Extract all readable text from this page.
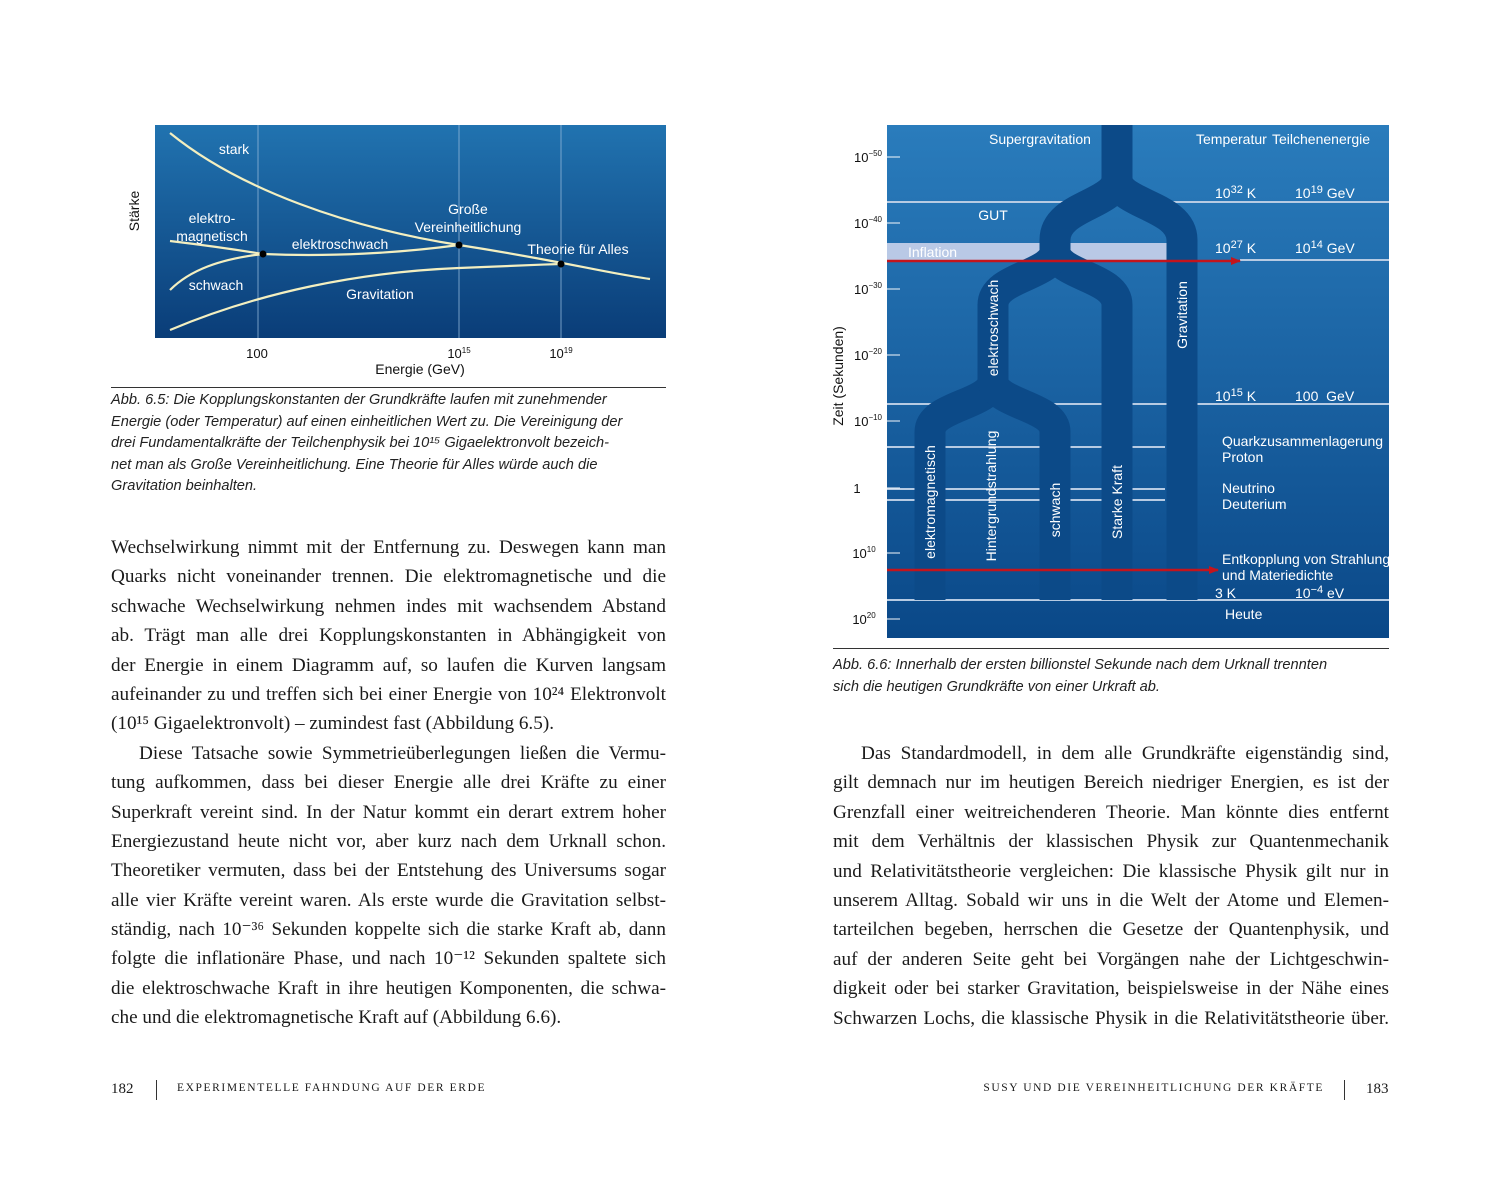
stark
elektro-
magnetisch	elektroschwach
Große
Vereinheitlichung
Theorie für Alles
schwach
Gravitation
100	$10^{15}$	$10^{19}$
Energie (GeV)
Stärke
Supergravitation	Temperatur Teilchenenergie
GUT
Inflation
$10^{32}$ K	$10^{19}$ GeV
$10^{27}$ K	$10^{14}$ GeV
$10^{15}$ K	100  GeV
3 K	$10^{-4}$ eV
Quarkzusammenlagerung
Proton
Neutrino
Deuterium
Entkopplung von Strahlungs-
und Materiedichte
Heute
elektromagnetisch	Hintergrundstrahlung	schwach	Starke Kraft
elektroschwach	Gravitation
$10^{-50}$
$10^{-40}$
$10^{-30}$
$10^{-20}$
$10^{-10}$
1
$10^{10}$
$10^{20}$
Zeit (Sekunden)
Abb. 6.5: Die Kopplungskonstanten der Grundkräfte laufen mit zunehmender
Energie (oder Temperatur) auf einen einheitlichen Wert zu. Die Vereinigung der
drei Fundamentalkräfte der Teilchenphysik bei 10¹⁵ Gigaelektronvolt bezeich-
net man als Große Vereinheitlichung. Eine Theorie für Alles würde auch die
Gravitation beinhalten.
Abb. 6.6: Innerhalb der ersten billionstel Sekunde nach dem Urknall trennten
sich die heutigen Grundkräfte von einer Urkraft ab.
Wechselwirkung nimmt mit der Entfernung zu. Deswegen kann man
Quarks nicht voneinander trennen. Die elektromagnetische und die
schwache Wechselwirkung nehmen indes mit wachsendem Abstand
ab. Trägt man alle drei Kopplungskonstanten in Abhängigkeit von
der Energie in einem Diagramm auf, so laufen die Kurven langsam
aufeinander zu und treffen sich bei einer Energie von 10²⁴ Elektronvolt
(10¹⁵ Gigaelektronvolt) – zumindest fast (Abbildung 6.5).
Diese Tatsache sowie Symmetrieüberlegungen ließen die Vermu-
tung aufkommen, dass bei dieser Energie alle drei Kräfte zu einer
Superkraft vereint sind. In der Natur kommt ein derart extrem hoher
Energiezustand heute nicht vor, aber kurz nach dem Urknall schon.
Theoretiker vermuten, dass bei der Entstehung des Universums sogar
alle vier Kräfte vereint waren. Als erste wurde die Gravitation selbst-
ständig, nach 10⁻³⁶ Sekunden koppelte sich die starke Kraft ab, dann
folgte die inflationäre Phase, und nach 10⁻¹² Sekunden spaltete sich
die elektroschwache Kraft in ihre heutigen Komponenten, die schwa-
che und die elektromagnetische Kraft auf (Abbildung 6.6).
Das Standardmodell, in dem alle Grundkräfte eigenständig sind,
gilt demnach nur im heutigen Bereich niedriger Energien, es ist der
Grenzfall einer weitreichenderen Theorie. Man könnte dies entfernt
mit dem Verhältnis der klassischen Physik zur Quantenmechanik
und Relativitätstheorie vergleichen: Die klassische Physik gilt nur in
unserem Alltag. Sobald wir uns in die Welt der Atome und Elemen-
tarteilchen begeben, herrschen die Gesetze der Quantenphysik, und
auf der anderen Seite geht bei Vorgängen nahe der Lichtgeschwin-
digkeit oder bei starker Gravitation, beispielsweise in der Nähe eines
Schwarzen Lochs, die klassische Physik in die Relativitätstheorie über.
182	EXPERIMENTELLE FAHNDUNG AUF DER ERDE	SUSY UND DIE VEREINHEITLICHUNG DER KRÄFTE	183
